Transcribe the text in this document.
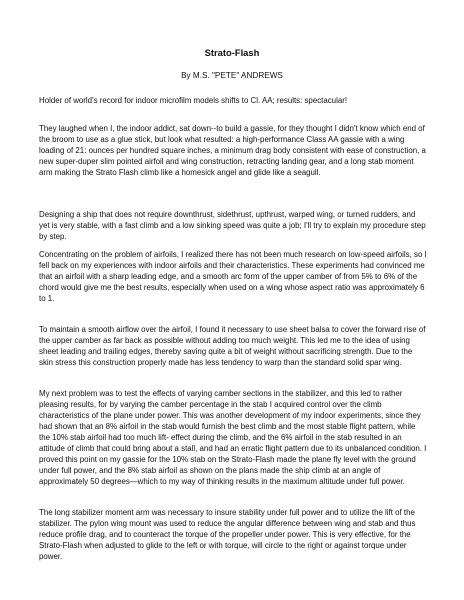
Strato-Flash

By M.S. "PETE" ANDREWS

Holder of world's record for indoor microfilm models shifts to Cl. AA; results: spectacular!

They laughed when I, the indoor addict, sat down--to build a gassie, for they thought I didn't know which end of the broom to use as a glue stick, but look what resulted: a high-performance Class AA gassie with a wing loading of 21: ounces per hundred square inches, a minimum drag body consistent with ease of construction, a new super-duper slim pointed airfoil and wing construction, retracting landing gear, and a long stab moment arm making the Strato Flash climb like a homesick angel and glide like a seagull.

Designing a ship that does not require downthrust, sidethrust, upthrust, warped wing, or turned rudders, and yet is very stable, with a fast climb and a low sinking speed was quite a job; I'll try to explain my procedure step by step.

Concentrating on the problem of airfoils, I realized there has not been much research on low-speed airfoils, so I fell back on my experiences with indoor airfoils and their characteristics. These experiments had convinced me that an airfoil with a sharp leading edge, and a smooth arc form of the upper camber of from 5% to 6% of the chord would give me the best results, especially when used on a wing whose aspect ratio was approximately 6 to 1.

To maintain a smooth airflow over the airfoil, I found it necessary to use sheet balsa to cover the forward rise of the upper camber as far back as possible without adding too much weight. This led me to the idea of using sheet leading and trailing edges, thereby saving quite a bit of weight without sacrificing strength. Due to the skin stress this construction properly made has less tendency to warp than the standard solid spar wing.

My next problem was to test the effects of varying camber sections in the stabilizer, and this led to rather pleasing results, for by varying the camber percentage in the stab I acquired control over the climb characteristics of the plane under power. This was another development of my indoor experiments, since they had shown that an 8% airfoil in the stab would furnish the best climb and the most stable flight pattern, while the 10% stab airfoil had too much lift- effect during the climb, and the 6% airfoil in the stab resulted in an attitude of climb that could bring about a stall, and had an erratic flight pattern due to its unbalanced condition. I proved this point on my gassie for the 10% stab on the Strato-Flash made the plane fly level with the ground under full power, and the 8% stab airfoil as shown on the plans made the ship climb at an angle of approximately 50 degrees—which to my way of thinking results in the maximum altitude under full power.

The long stabilizer moment arm was necessary to insure stability under full power and to utilize the lift of the stabilizer. The pylon wing mount was used to reduce the angular difference between wing and stab and thus reduce profile drag, and to counteract the torque of the propeller under power. This is very effective, for the Strato-Flash when adjusted to glide to the left or with torque, will circle to the right or against torque under power.
